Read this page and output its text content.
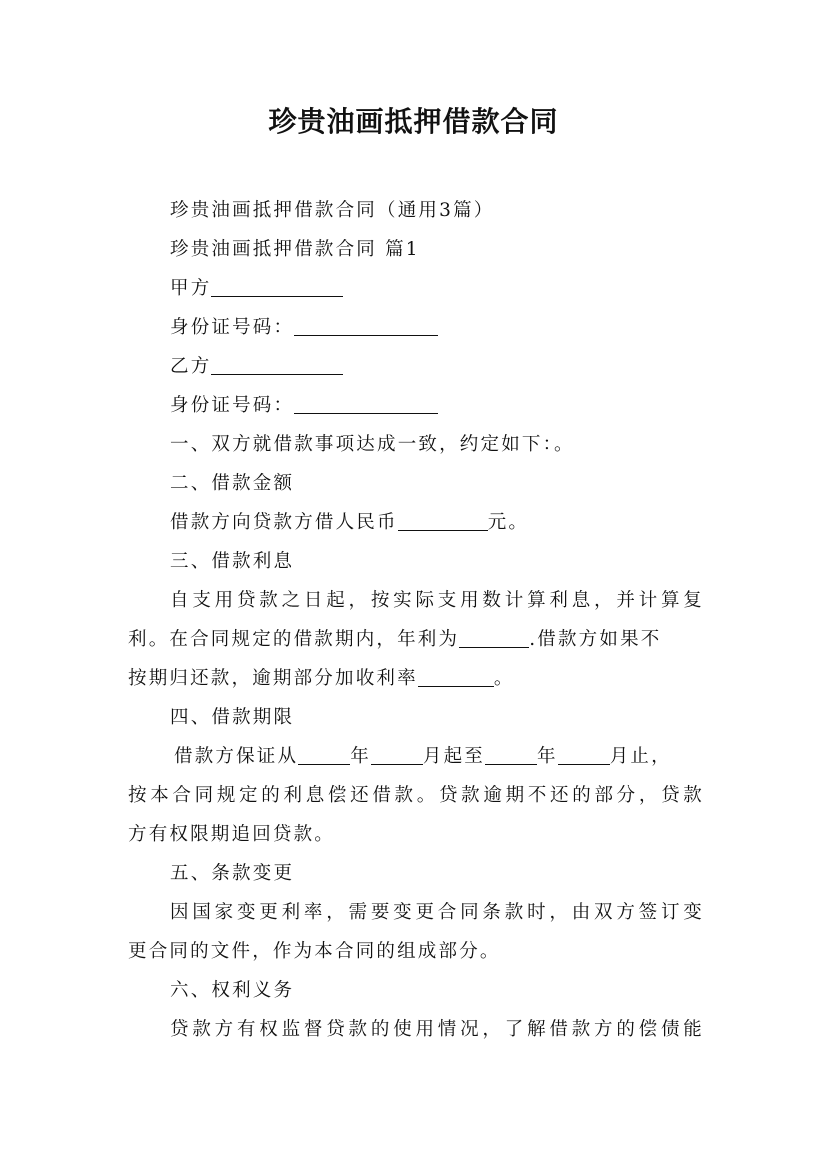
珍贵油画抵押借款合同
珍贵油画抵押借款合同（通用3篇）
珍贵油画抵押借款合同 篇1
甲方
身份证号码：
乙方
身份证号码：
一、双方就借款事项达成一致，约定如下：。
二、借款金额
借款方向贷款方借人民币	元。
三、借款利息
自支用贷款之日起，按实际支用数计算利息，并计算复
利。在合同规定的借款期内，年利为	.借款方如果不
按期归还款，逾期部分加收利率	。
四、借款期限
借款方保证从	年	月起至	年	月止，
按本合同规定的利息偿还借款。贷款逾期不还的部分，贷款
方有权限期追回贷款。
五、条款变更
因国家变更利率，需要变更合同条款时，由双方签订变
更合同的文件，作为本合同的组成部分。
六、权利义务
贷款方有权监督贷款的使用情况，了解借款方的偿债能
